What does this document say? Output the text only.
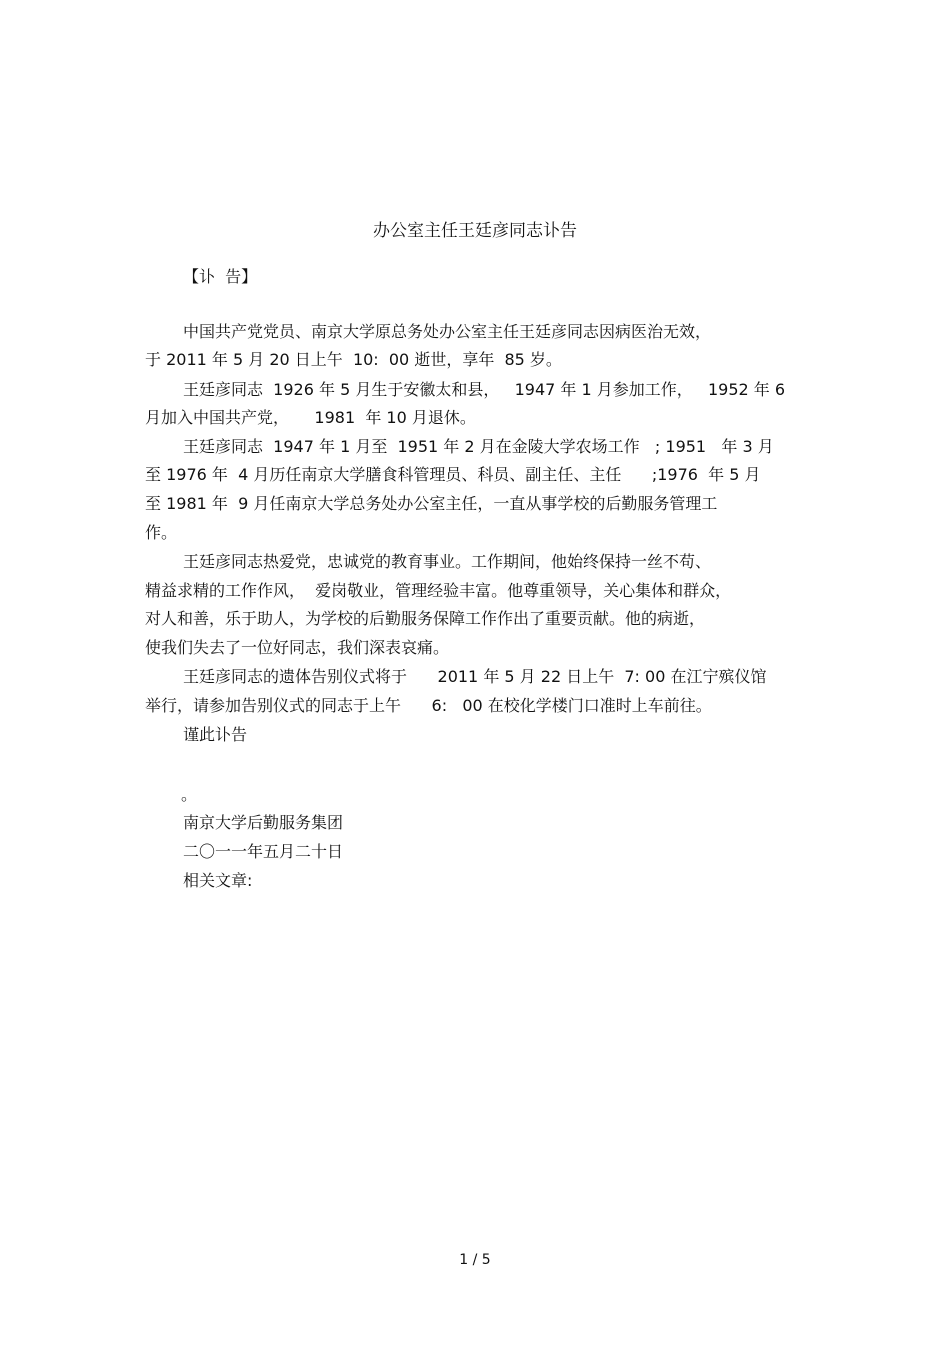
办公室主任王廷彦同志讣告
【讣  告】
中国共产党党员、南京大学原总务处办公室主任王廷彦同志因病医治无效，
于 2011 年 5 月 20 日上午  10:  00 逝世，享年  85 岁。
王廷彦同志  1926 年 5 月生于安徽太和县，   1947 年 1 月参加工作，   1952 年 6
月加入中国共产党，     1981  年 10 月退休。
王廷彦同志  1947 年 1 月至  1951 年 2 月在金陵大学农场工作   ; 1951   年 3 月
至 1976 年  4 月历任南京大学膳食科管理员、科员、副主任、主任      ;1976  年 5 月
至 1981 年  9 月任南京大学总务处办公室主任，一直从事学校的后勤服务管理工
作。
王廷彦同志热爱党，忠诚党的教育事业。工作期间，他始终保持一丝不苟、
精益求精的工作作风，  爱岗敬业，管理经验丰富。他尊重领导，关心集体和群众，
对人和善，乐于助人，为学校的后勤服务保障工作作出了重要贡献。他的病逝，
使我们失去了一位好同志，我们深表哀痛。
王廷彦同志的遗体告别仪式将于      2011 年 5 月 22 日上午  7: 00 在江宁殡仪馆
举行，请参加告别仪式的同志于上午      6:   00 在校化学楼门口准时上车前往。
谨此讣告
。
南京大学后勤服务集团
二〇一一年五月二十日
相关文章:
1 / 5
